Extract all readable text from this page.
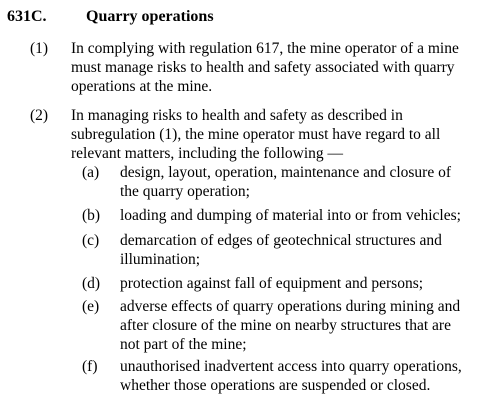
631C. Quarry operations
(1) In complying with regulation 617, the mine operator of a mine
must manage risks to health and safety associated with quarry
operations at the mine.
(2) In managing risks to health and safety as described in
subregulation (1), the mine operator must have regard to all
relevant matters, including the following —
(a) design, layout, operation, maintenance and closure of
the quarry operation;
(b) loading and dumping of material into or from vehicles;
(c) demarcation of edges of geotechnical structures and
illumination;
(d) protection against fall of equipment and persons;
(e) adverse effects of quarry operations during mining and
after closure of the mine on nearby structures that are
not part of the mine;
(f) unauthorised inadvertent access into quarry operations,
whether those operations are suspended or closed.
